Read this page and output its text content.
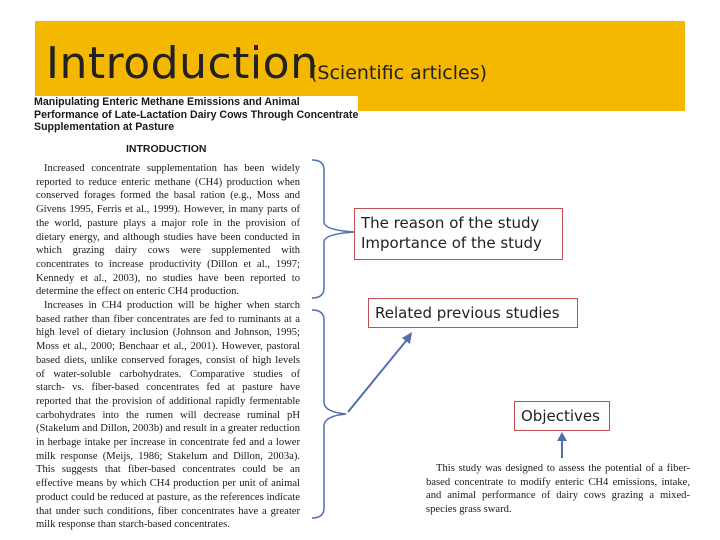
Introduction
(Scientific articles)
Manipulating Enteric Methane Emissions and Animal Performance of Late-Lactation Dairy Cows Through Concentrate Supplementation at Pasture
INTRODUCTION

Increased concentrate supplementation has been widely reported to reduce enteric methane (CH4) production when conserved forages formed the basal ration (e.g., Moss and Givens 1995, Ferris et al., 1999). However, in many parts of the world, pasture plays a major role in the provision of dietary energy, and although studies have been conducted in which grazing dairy cows were supplemented with concentrates to increase productivity (Dillon et al., 1997; Kennedy et al., 2003), no studies have been reported to determine the effect on enteric CH4 production.

Increases in CH4 production will be higher when starch based rather than fiber concentrates are fed to ruminants at a high level of dietary inclusion (Johnson and Johnson, 1995; Moss et al., 2000; Benchaar et al., 2001). However, pastoral based diets, unlike conserved forages, consist of high levels of water-soluble carbohydrates. Comparative studies of starch- vs. fiber-based concentrates fed at pasture have reported that the provision of additional rapidly fermentable carbohydrates into the rumen will decrease ruminal pH (Stakelum and Dillon, 2003b) and result in a greater reduction in herbage intake per increase in concentrate fed and a lower milk response (Meijs, 1986; Stakelum and Dillon, 2003a). This suggests that fiber-based concentrates could be an effective means by which CH4 production per unit of animal product could be reduced at pasture, as the references indicate that under such conditions, fiber concentrates have a greater milk response than starch-based concentrates.

The reason of the study
Importance of the study
Related previous studies
Objectives

This study was designed to assess the potential of a fiber-based concentrate to modify enteric CH4 emissions, intake, and animal performance of dairy cows grazing a mixed-species grass sward.
